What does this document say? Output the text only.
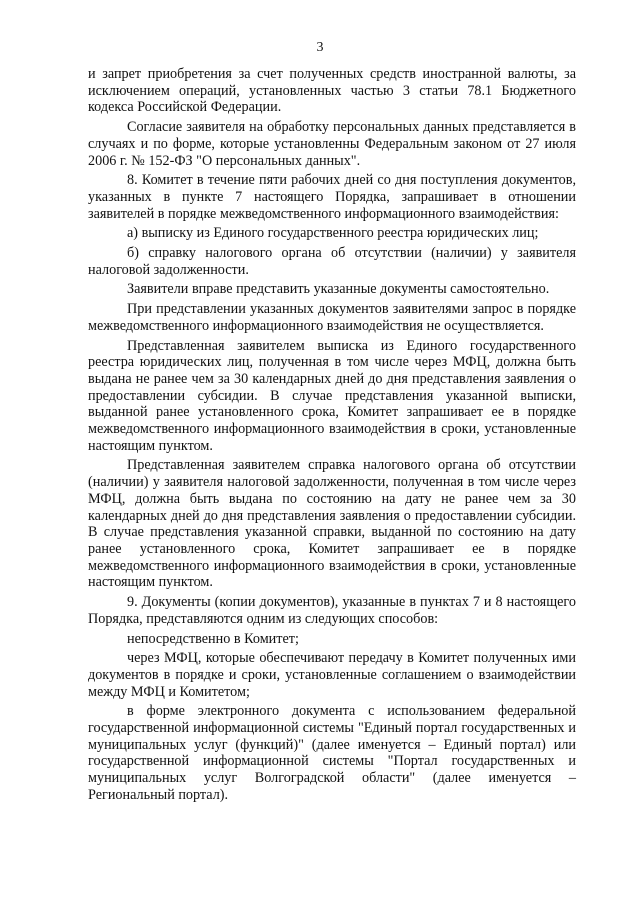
3

и запрет приобретения за счет полученных средств иностранной валюты, за исключением операций, установленных частью 3 статьи 78.1 Бюджетного кодекса Российской Федерации.

Согласие заявителя на обработку персональных данных представляется в случаях и по форме, которые установленны Федеральным законом от 27 июля 2006 г. № 152-ФЗ "О персональных данных".

8. Комитет в течение пяти рабочих дней со дня поступления документов, указанных в пункте 7 настоящего Порядка, запрашивает в отношении заявителей в порядке межведомственного информационного взаимодействия:

а) выписку из Единого государственного реестра юридических лиц;

б) справку налогового органа об отсутствии (наличии) у заявителя налоговой задолженности.

Заявители вправе представить указанные документы самостоятельно.

При представлении указанных документов заявителями запрос в порядке межведомственного информационного взаимодействия не осуществляется.

Представленная заявителем выписка из Единого государственного реестра юридических лиц, полученная в том числе через МФЦ, должна быть выдана не ранее чем за 30 календарных дней до дня представления заявления о предоставлении субсидии. В случае представления указанной выписки, выданной ранее установленного срока, Комитет запрашивает ее в порядке межведомственного информационного взаимодействия в сроки, установленные настоящим пунктом.

Представленная заявителем справка налогового органа об отсутствии (наличии) у заявителя налоговой задолженности, полученная в том числе через МФЦ, должна быть выдана по состоянию на дату не ранее чем за 30 календарных дней до дня представления заявления о предоставлении субсидии. В случае представления указанной справки, выданной по состоянию на дату ранее установленного срока, Комитет запрашивает ее в порядке межведомственного информационного взаимодействия в сроки, установленные настоящим пунктом.

9. Документы (копии документов), указанные в пунктах 7 и 8 настоящего Порядка, представляются одним из следующих способов:

непосредственно в Комитет;

через МФЦ, которые обеспечивают передачу в Комитет полученных ими документов в порядке и сроки, установленные соглашением о взаимодействии между МФЦ и Комитетом;

в форме электронного документа с использованием федеральной государственной информационной системы "Единый портал государственных и муниципальных услуг (функций)" (далее именуется – Единый портал) или государственной информационной системы "Портал государственных и муниципальных услуг Волгоградской области" (далее именуется – Региональный портал).
